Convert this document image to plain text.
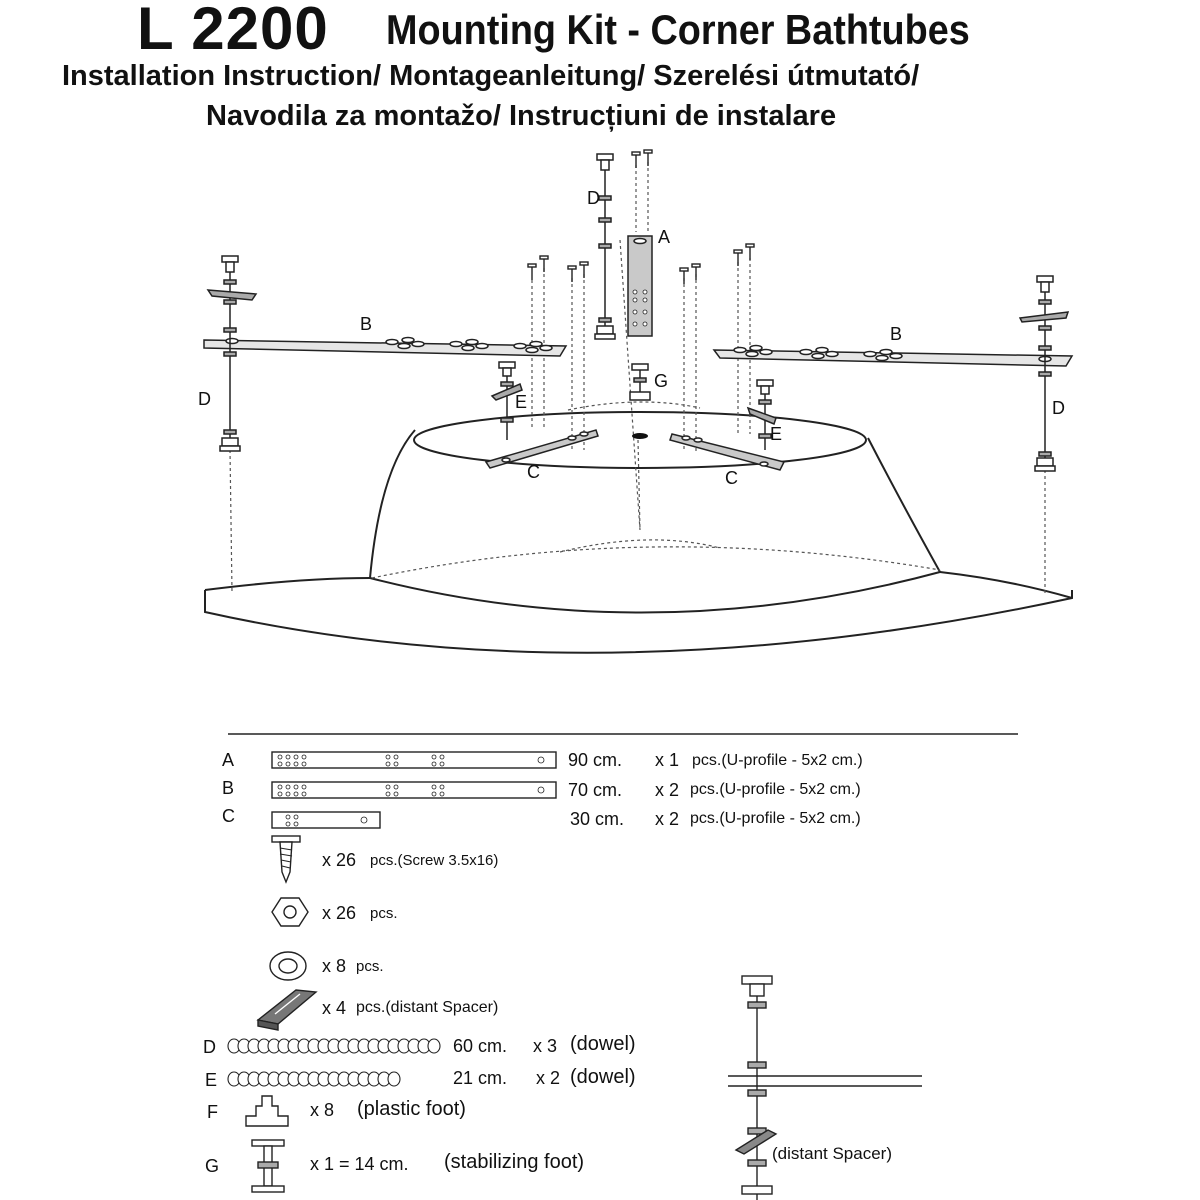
L 2200 Mounting Kit - Corner Bathtubes
Installation Instruction/ Montageanleitung/ Szerelési útmutató/
Navodila za montažo/ Instrucțiuni de instalare
A
B	B
C	C
D
D	D
E
E
G
A	90 cm. x 1 pcs.(U-profile - 5x2 cm.)
B	70 cm. x 2 pcs.(U-profile - 5x2 cm.)
C	30 cm. x 2 pcs.(U-profile - 5x2 cm.)
x 26 pcs.(Screw 3.5x16)
x 26 pcs.
x 8 pcs.
x 4 pcs.(distant Spacer)
D	60 cm. x 3 (dowel)
E	21 cm. x 2 (dowel)
F	x 8 (plastic foot)
G	x 1 = 14 cm. (stabilizing foot)	(distant Spacer)
